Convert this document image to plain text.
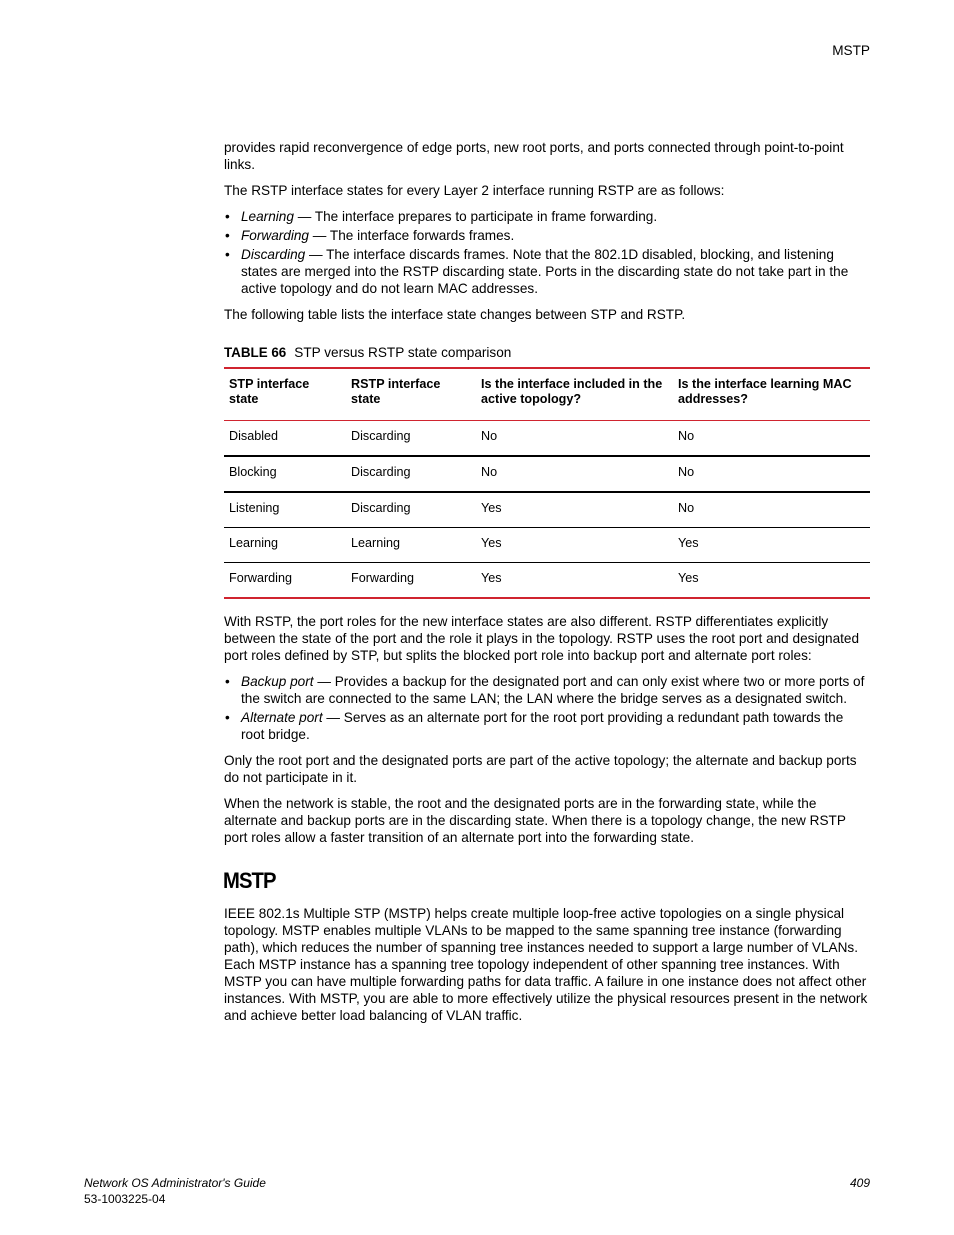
MSTP

provides rapid reconvergence of edge ports, new root ports, and ports connected through point-to-point links.

The RSTP interface states for every Layer 2 interface running RSTP are as follows:

• Learning — The interface prepares to participate in frame forwarding.
• Forwarding — The interface forwards frames.
• Discarding — The interface discards frames. Note that the 802.1D disabled, blocking, and listening states are merged into the RSTP discarding state. Ports in the discarding state do not take part in the active topology and do not learn MAC addresses.

The following table lists the interface state changes between STP and RSTP.

TABLE 66 STP versus RSTP state comparison
STP interface state	RSTP interface state	Is the interface included in the active topology?	Is the interface learning MAC addresses?
Disabled	Discarding	No	No
Blocking	Discarding	No	No
Listening	Discarding	Yes	No
Learning	Learning	Yes	Yes
Forwarding	Forwarding	Yes	Yes

With RSTP, the port roles for the new interface states are also different. RSTP differentiates explicitly between the state of the port and the role it plays in the topology. RSTP uses the root port and designated port roles defined by STP, but splits the blocked port role into backup port and alternate port roles:

• Backup port — Provides a backup for the designated port and can only exist where two or more ports of the switch are connected to the same LAN; the LAN where the bridge serves as a designated switch.
• Alternate port — Serves as an alternate port for the root port providing a redundant path towards the root bridge.

Only the root port and the designated ports are part of the active topology; the alternate and backup ports do not participate in it.

When the network is stable, the root and the designated ports are in the forwarding state, while the alternate and backup ports are in the discarding state. When there is a topology change, the new RSTP port roles allow a faster transition of an alternate port into the forwarding state.

MSTP

IEEE 802.1s Multiple STP (MSTP) helps create multiple loop-free active topologies on a single physical topology. MSTP enables multiple VLANs to be mapped to the same spanning tree instance (forwarding path), which reduces the number of spanning tree instances needed to support a large number of VLANs. Each MSTP instance has a spanning tree topology independent of other spanning tree instances. With MSTP you can have multiple forwarding paths for data traffic. A failure in one instance does not affect other instances. With MSTP, you are able to more effectively utilize the physical resources present in the network and achieve better load balancing of VLAN traffic.

Network OS Administrator's Guide
53-1003225-04
409
